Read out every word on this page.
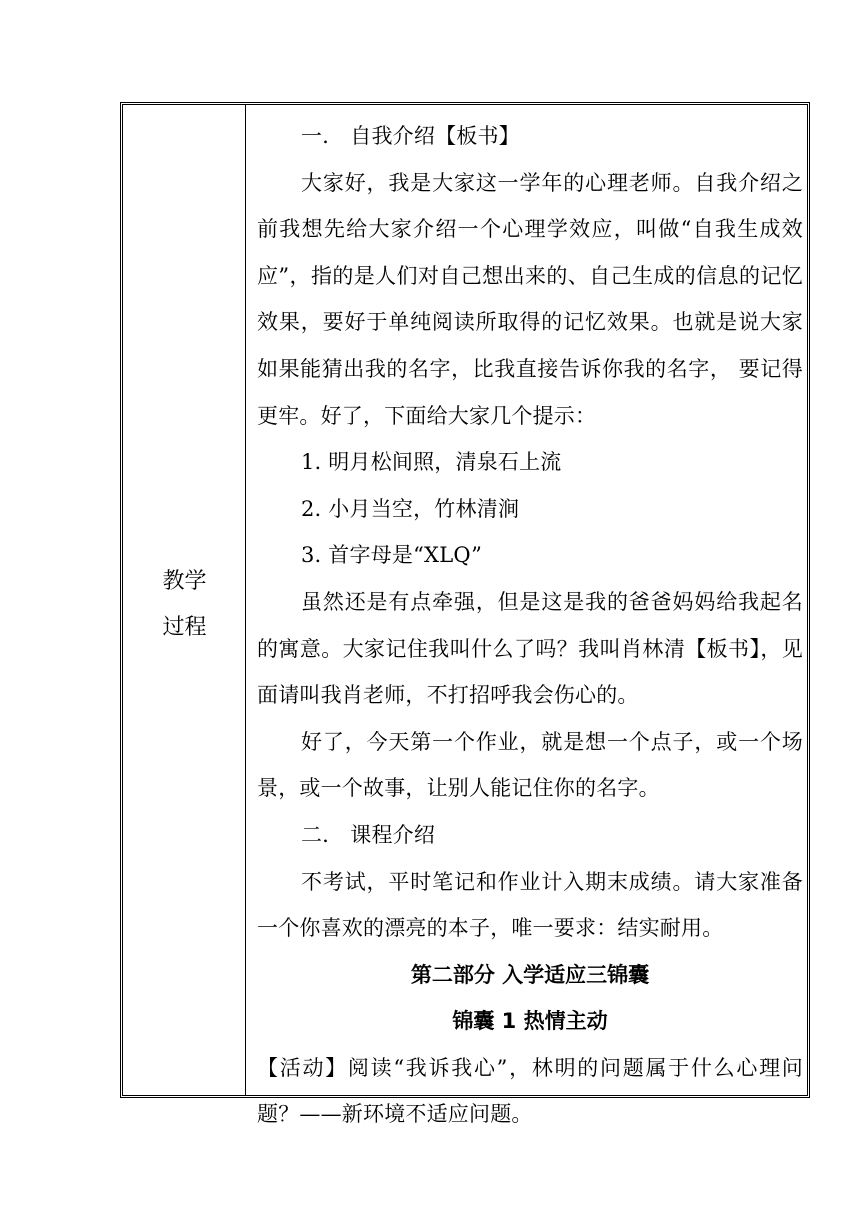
教学
过程

一． 自我介绍【板书】

大家好，我是大家这一学年的心理老师。自我介绍之前我想先给大家介绍一个心理学效应，叫做“自我生成效应”，指的是人们对自己想出来的、自己生成的信息的记忆效果，要好于单纯阅读所取得的记忆效果。也就是说大家如果能猜出我的名字，比我直接告诉你我的名字， 要记得更牢。好了，下面给大家几个提示：

1. 明月松间照，清泉石上流

2. 小月当空，竹林清涧

3. 首字母是“XLQ”

虽然还是有点牵强，但是这是我的爸爸妈妈给我起名的寓意。大家记住我叫什么了吗？我叫肖林清【板书】，见面请叫我肖老师，不打招呼我会伤心的。

好了，今天第一个作业，就是想一个点子，或一个场景，或一个故事，让别人能记住你的名字。

二． 课程介绍

不考试，平时笔记和作业计入期末成绩。请大家准备一个你喜欢的漂亮的本子，唯一要求：结实耐用。

第二部分 入学适应三锦囊

锦囊 1 热情主动

【活动】阅读“我诉我心”，林明的问题属于什么心理问题？——新环境不适应问题。
